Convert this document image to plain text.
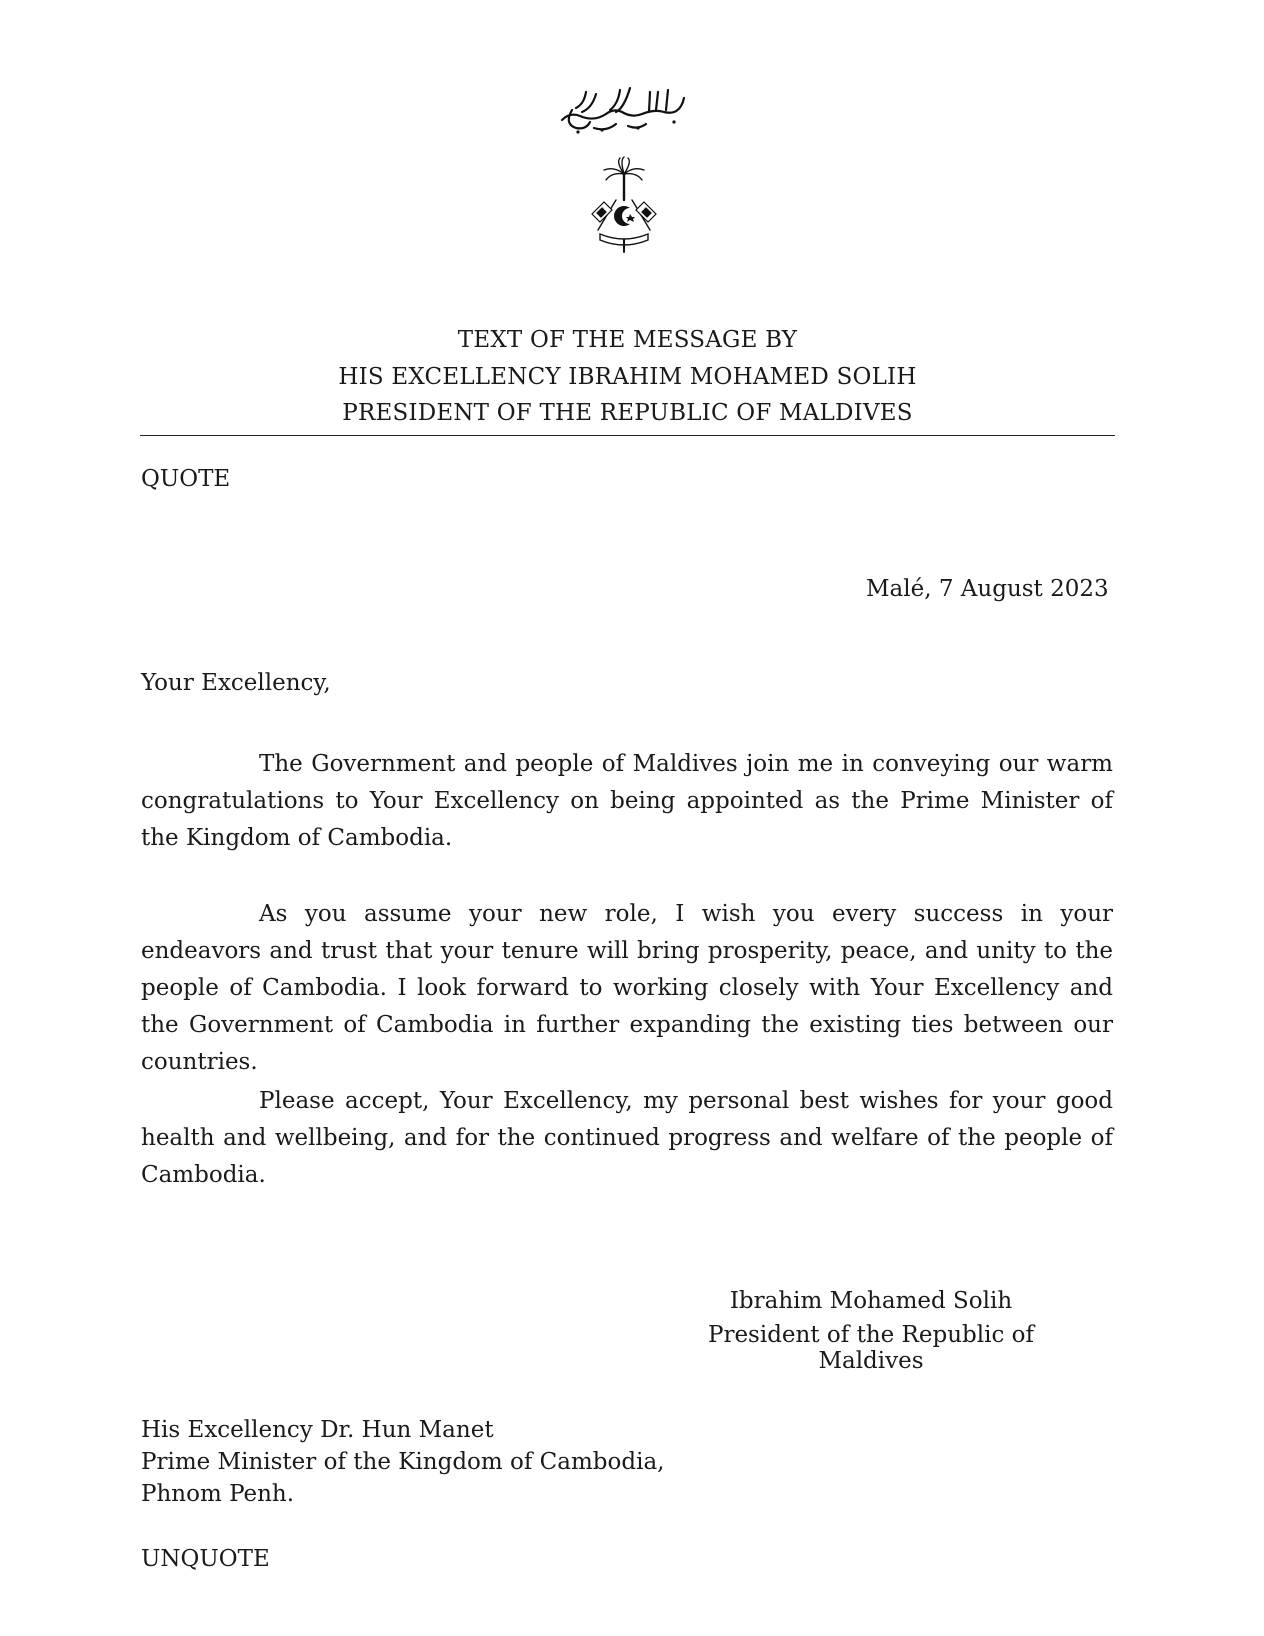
TEXT OF THE MESSAGE BY
HIS EXCELLENCY IBRAHIM MOHAMED SOLIH
PRESIDENT OF THE REPUBLIC OF MALDIVES
QUOTE
Malé, 7 August 2023
Your Excellency,

The Government and people of Maldives join me in conveying our warm congratulations to Your Excellency on being appointed as the Prime Minister of the Kingdom of Cambodia.

As you assume your new role, I wish you every success in your endeavors and trust that your tenure will bring prosperity, peace, and unity to the people of Cambodia. I look forward to working closely with Your Excellency and the Government of Cambodia in further expanding the existing ties between our countries.

Please accept, Your Excellency, my personal best wishes for your good health and wellbeing, and for the continued progress and welfare of the people of Cambodia.

Ibrahim Mohamed Solih
President of the Republic of Maldives
His Excellency Dr. Hun Manet
Prime Minister of the Kingdom of Cambodia,
Phnom Penh.
UNQUOTE
